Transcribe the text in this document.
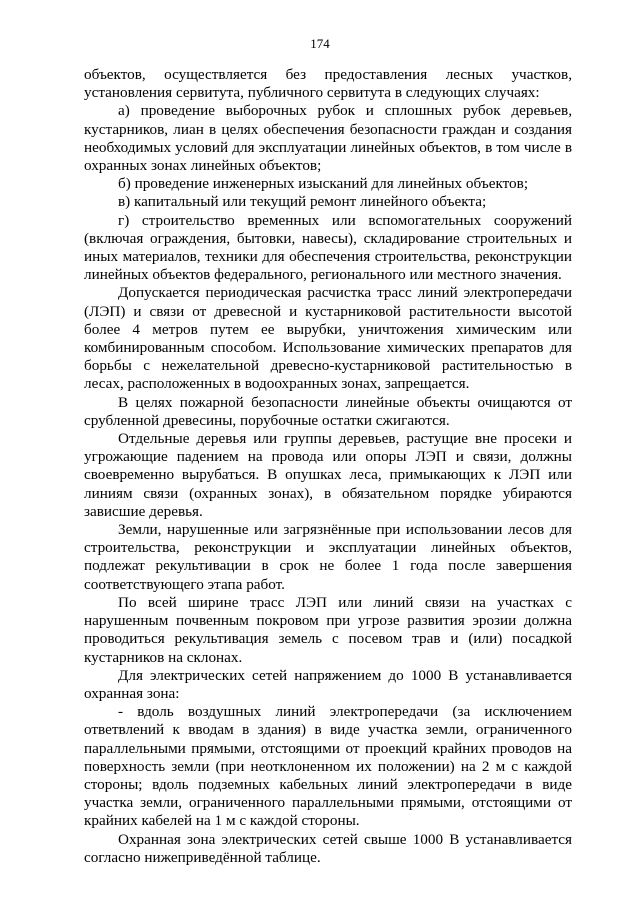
174

объектов, осуществляется без предоставления лесных участков, установления сервитута, публичного сервитута в следующих случаях:

а) проведение выборочных рубок и сплошных рубок деревьев, кустарников, лиан в целях обеспечения безопасности граждан и создания необходимых условий для эксплуатации линейных объектов, в том числе в охранных зонах линейных объектов;

б) проведение инженерных изысканий для линейных объектов;

в) капитальный или текущий ремонт линейного объекта;

г) строительство временных или вспомогательных сооружений (включая ограждения, бытовки, навесы), складирование строительных и иных материалов, техники для обеспечения строительства, реконструкции линейных объектов федерального, регионального или местного значения.

Допускается периодическая расчистка трасс линий электропередачи (ЛЭП) и связи от древесной и кустарниковой растительности высотой более 4 метров путем ее вырубки, уничтожения химическим или комбинированным способом. Использование химических препаратов для борьбы с нежелательной древесно-кустарниковой растительностью в лесах, расположенных в водоохранных зонах, запрещается.

В целях пожарной безопасности линейные объекты очищаются от срубленной древесины, порубочные остатки сжигаются.

Отдельные деревья или группы деревьев, растущие вне просеки и угрожающие падением на провода или опоры ЛЭП и связи, должны своевременно вырубаться. В опушках леса, примыкающих к ЛЭП или линиям связи (охранных зонах), в обязательном порядке убираются зависшие деревья.

Земли, нарушенные или загрязнённые при использовании лесов для строительства, реконструкции и эксплуатации линейных объектов, подлежат рекультивации в срок не более 1 года после завершения соответствующего этапа работ.

По всей ширине трасс ЛЭП или линий связи на участках с нарушенным почвенным покровом при угрозе развития эрозии должна проводиться рекультивация земель с посевом трав и (или) посадкой кустарников на склонах.

Для электрических сетей напряжением до 1000 В устанавливается охранная зона:

- вдоль воздушных линий электропередачи (за исключением ответвлений к вводам в здания) в виде участка земли, ограниченного параллельными прямыми, отстоящими от проекций крайних проводов на поверхность земли (при неотклоненном их положении) на 2 м с каждой стороны; вдоль подземных кабельных линий электропередачи в виде участка земли, ограниченного параллельными прямыми, отстоящими от крайних кабелей на 1 м с каждой стороны.

Охранная зона электрических сетей свыше 1000 В устанавливается согласно нижеприведённой таблице.
